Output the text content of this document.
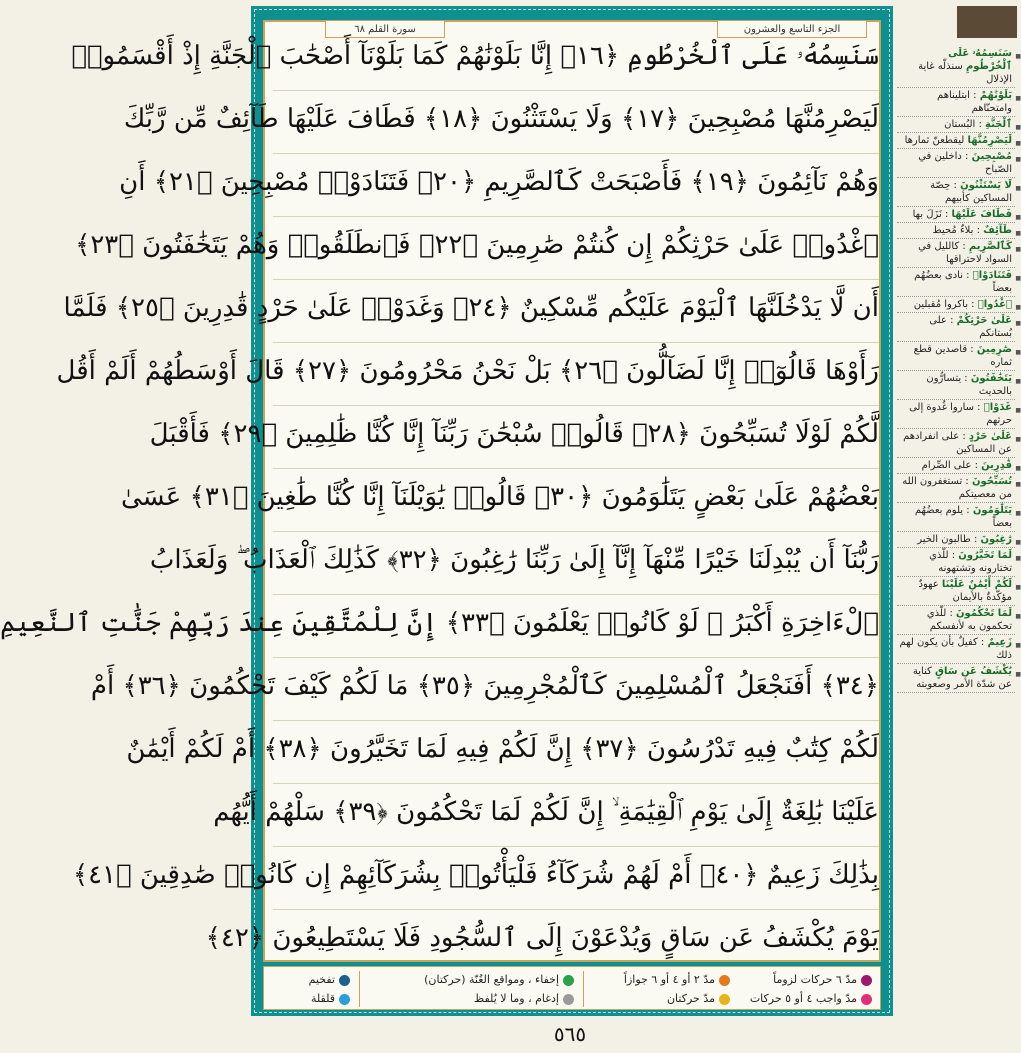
الجزء التاسع والعشرون
سورة القلم ٦٨
سَنَسِمُهُۥ عَلَى ٱلْخُرْطُومِ ﴿١٦﴾ إِنَّا بَلَوْنَٰهُمْ كَمَا بَلَوْنَآ أَصْحَٰبَ ٱلْجَنَّةِ إِذْ أَقْسَمُوا۟
لَيَصْرِمُنَّهَا مُصْبِحِينَ ﴿١٧﴾ وَلَا يَسْتَثْنُونَ ﴿١٨﴾ فَطَافَ عَلَيْهَا طَآئِفٌ مِّن رَّبِّكَ
وَهُمْ نَآئِمُونَ ﴿١٩﴾ فَأَصْبَحَتْ كَٱلصَّرِيمِ ﴿٢٠﴾ فَتَنَادَوْا۟ مُصْبِحِينَ ﴿٢١﴾ أَنِ
ٱغْدُوا۟ عَلَىٰ حَرْثِكُمْ إِن كُنتُمْ صَٰرِمِينَ ﴿٢٢﴾ فَٱنطَلَقُوا۟ وَهُمْ يَتَخَٰفَتُونَ ﴿٢٣﴾
أَن لَّا يَدْخُلَنَّهَا ٱلْيَوْمَ عَلَيْكُم مِّسْكِينٌ ﴿٢٤﴾ وَغَدَوْا۟ عَلَىٰ حَرْدٍ قَٰدِرِينَ ﴿٢٥﴾ فَلَمَّا
رَأَوْهَا قَالُوٓا۟ إِنَّا لَضَآلُّونَ ﴿٢٦﴾ بَلْ نَحْنُ مَحْرُومُونَ ﴿٢٧﴾ قَالَ أَوْسَطُهُمْ أَلَمْ أَقُل
لَّكُمْ لَوْلَا تُسَبِّحُونَ ﴿٢٨﴾ قَالُوا۟ سُبْحَٰنَ رَبِّنَآ إِنَّا كُنَّا ظَٰلِمِينَ ﴿٢٩﴾ فَأَقْبَلَ
بَعْضُهُمْ عَلَىٰ بَعْضٍ يَتَلَٰوَمُونَ ﴿٣٠﴾ قَالُوا۟ يَٰوَيْلَنَآ إِنَّا كُنَّا طَٰغِينَ ﴿٣١﴾ عَسَىٰ
رَبُّنَآ أَن يُبْدِلَنَا خَيْرًا مِّنْهَآ إِنَّآ إِلَىٰ رَبِّنَا رَٰغِبُونَ ﴿٣٢﴾ كَذَٰلِكَ ٱلْعَذَابُ ۖ وَلَعَذَابُ
ٱلْءَاخِرَةِ أَكْبَرُ ۚ لَوْ كَانُوا۟ يَعْلَمُونَ ﴿٣٣﴾ إِنَّ لِلْمُتَّقِينَ عِندَ رَبِّهِمْ جَنَّٰتِ ٱلنَّعِيمِ
﴿٣٤﴾ أَفَنَجْعَلُ ٱلْمُسْلِمِينَ كَٱلْمُجْرِمِينَ ﴿٣٥﴾ مَا لَكُمْ كَيْفَ تَحْكُمُونَ ﴿٣٦﴾ أَمْ
لَكُمْ كِتَٰبٌ فِيهِ تَدْرُسُونَ ﴿٣٧﴾ إِنَّ لَكُمْ فِيهِ لَمَا تَخَيَّرُونَ ﴿٣٨﴾ أَمْ لَكُمْ أَيْمَٰنٌ
عَلَيْنَا بَٰلِغَةٌ إِلَىٰ يَوْمِ ٱلْقِيَٰمَةِ ۙ إِنَّ لَكُمْ لَمَا تَحْكُمُونَ ﴿٣٩﴾ سَلْهُمْ أَيُّهُم
بِذَٰلِكَ زَعِيمٌ ﴿٤٠﴾ أَمْ لَهُمْ شُرَكَآءُ فَلْيَأْتُوا۟ بِشُرَكَآئِهِمْ إِن كَانُوا۟ صَٰدِقِينَ ﴿٤١﴾
يَوْمَ يُكْشَفُ عَن سَاقٍ وَيُدْعَوْنَ إِلَى ٱلسُّجُودِ فَلَا يَسْتَطِيعُونَ ﴿٤٢﴾
مدّ ٦ حركات لزوماً
مدّ ٢ أو ٤ أو ٦ جوازاً
إخفاء ، ومواقع الغُنّة (حركتان)
تفخيم
مدّ واجب ٤ أو ٥ حركات
مدّ حركتان
إدغام ، وما لا يُلفظ
قلقلة
■ سَنَسِمُهُۥ عَلَى ٱلْخُرْطُومِ سنذلّه غاية الإذلال
■ بَلَوْنَٰهُمْ : ابتليناهم وامتحنّاهم
■ ٱلْجَنَّةِ : البُستان
■ لَيَصْرِمُنَّهَا ليقطعنّ ثمارها
■ مُصْبِحِينَ : داخلين في الصّباح
■ لَا يَسْتَثْنُونَ : حِصّة المساكين كأبيهم
■ فَطَافَ عَلَيْهَا : نَزَلَ بها
■ طَآئِفٌ : بلاءٌ مُحيط
■ كَٱلصَّرِيمِ : كالليل في السواد لاحتراقها
■ فَتَنَادَوْا۟ : نادى بعضُهُم بعضاً
■ ٱغْدُوا۟ : باكروا مُقبلين
■ عَلَىٰ حَرْثِكُمْ : على بُستانكم
■ صَٰرِمِينَ : قاصدين قطع ثماره
■ يَتَخَٰفَتُونَ : يتسارُّون بالحديث
■ غَدَوْا۟ : ساروا غُدوة إلى حرثهم
■ عَلَىٰ حَرْدٍ : على انفرادهم عن المساكين
■ قَٰدِرِينَ : على الصِّرام
■ تُسَبِّحُونَ : تستغفرون الله من معصيتكم
■ يَتَلَٰوَمُونَ : يلوم بعضُهُم بعضاً
■ رَٰغِبُونَ : طالبون الخير
■ لَمَا تَخَيَّرُونَ : للّذي تختارونه وتشتهونه
■ لَكُمْ أَيْمَٰنٌ عَلَيْنَا عهودٌ مؤكّدةٌ بالأيمان
■ لَمَا تَحْكُمُونَ : للّذي تحكمون به لأنفسكم
■ زَعِيمٌ : كفيلٌ بأن يكون لهم ذلك
■ يُكْشَفُ عَن سَاقٍ كناية عن شدّة الأمر وصعوبته
٥٦٥
